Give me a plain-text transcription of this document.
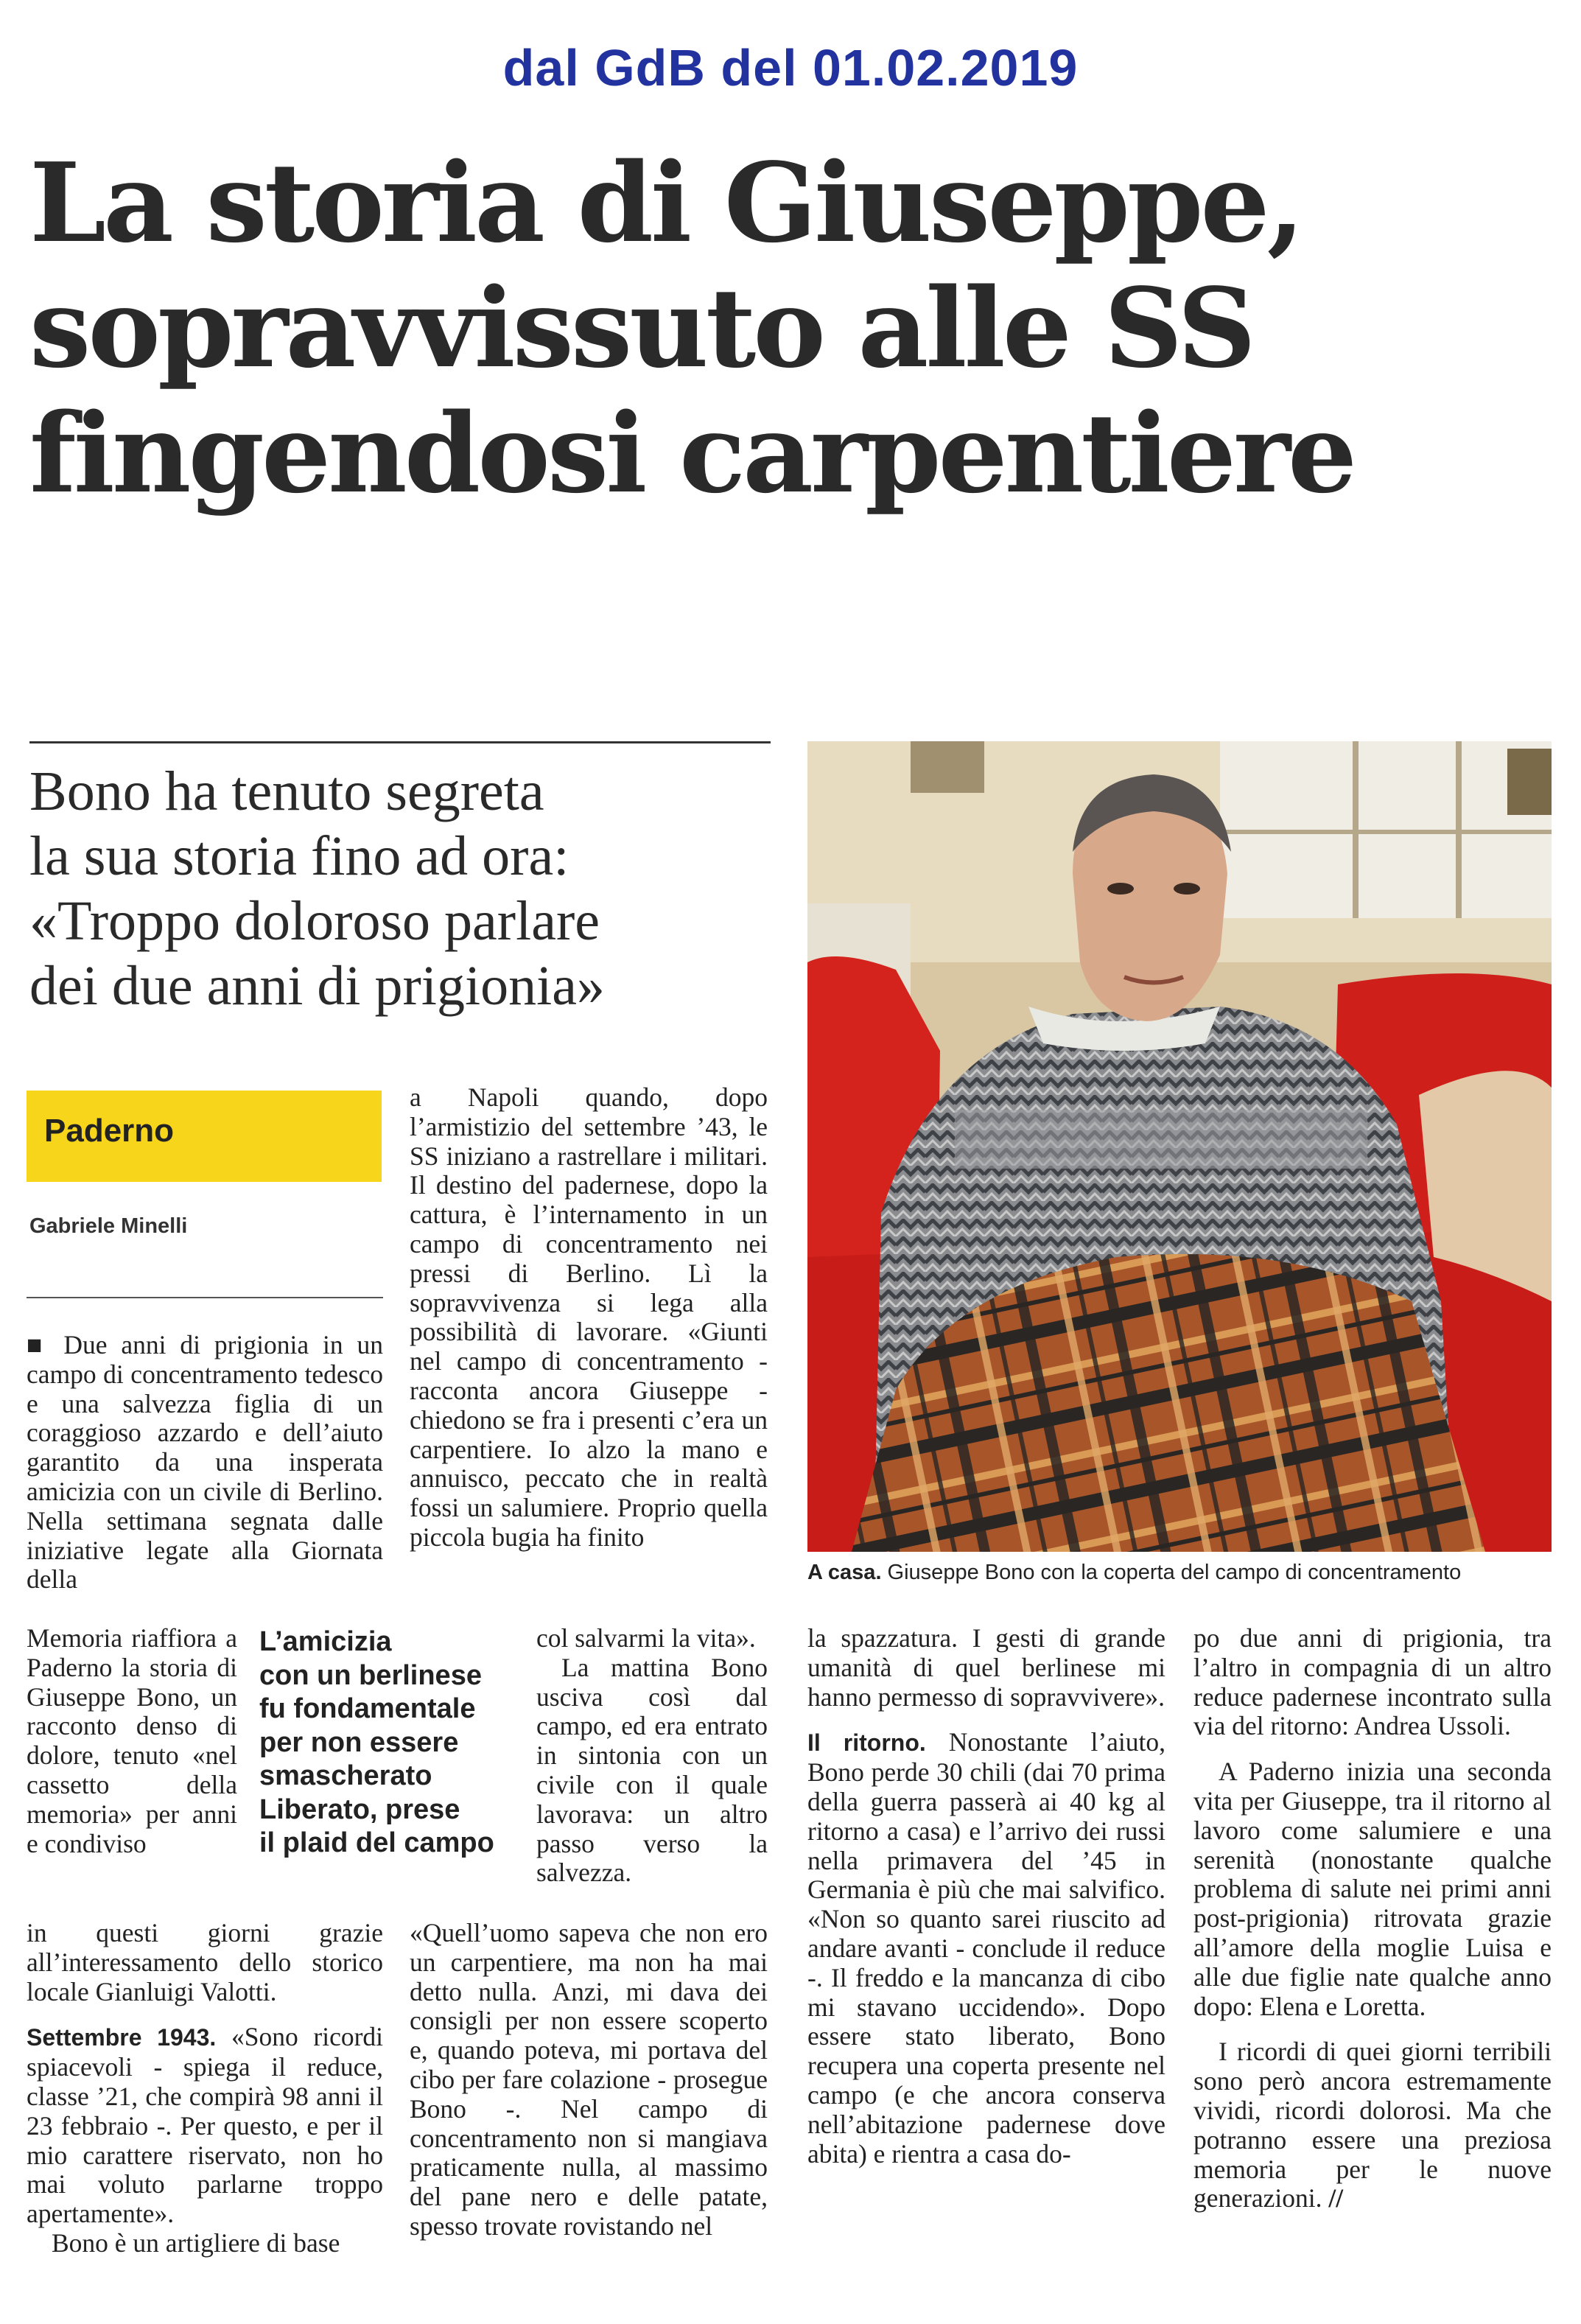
dal GdB del 01.02.2019
La storia di Giuseppe,
sopravvissuto alle SS
fingendosi carpentiere
Bono ha tenuto segreta
la sua storia fino ad ora:
«Troppo doloroso parlare
dei due anni di prigionia»
A casa. Giuseppe Bono con la coperta del campo di concentramento
Paderno
Gabriele Minelli

■ Due anni di prigionia in un campo di concentramento tedesco e una salvezza figlia di un coraggioso azzardo e dell’aiuto garantito da una insperata amicizia con un civile di Berlino. Nella settimana segnata dalle iniziative legate alla Giornata della

Memoria riaffiora a Paderno la storia di Giuseppe Bono, un racconto denso di dolore, tenuto «nel cassetto della memoria» per anni e condiviso

in questi giorni grazie all’interessamento dello storico locale Gianluigi Valotti.

Settembre 1943. «Sono ricordi spiacevoli - spiega il reduce, classe ’21, che compirà 98 anni il 23 febbraio -. Per questo, e per il mio carattere riservato, non ho mai voluto parlarne troppo apertamente».

Bono è un artigliere di base

a Napoli quando, dopo l’armistizio del settembre ’43, le SS iniziano a rastrellare i militari. Il destino del padernese, dopo la cattura, è l’internamento in un campo di concentramento nei pressi di Berlino. Lì la sopravvivenza si lega alla possibilità di lavorare. «Giunti nel campo di concentramento - racconta ancora Giuseppe - chiedono se fra i presenti c’era un carpentiere. Io alzo la mano e annuisco, peccato che in realtà fossi un salumiere. Proprio quella piccola bugia ha finito

col salvarmi la vita».

La mattina Bono usciva così dal campo, ed era entrato in sintonia con un civile con il quale lavorava: un altro passo verso la salvezza.

«Quell’uomo sapeva che non ero un carpentiere, ma non ha mai detto nulla. Anzi, mi dava dei consigli per non essere scoperto e, quando poteva, mi portava del cibo per fare colazione - prosegue Bono -. Nel campo di concentramento non si mangiava praticamente nulla, al massimo del pane nero e delle patate, spesso trovate rovistando nel

la spazzatura. I gesti di grande umanità di quel berlinese mi hanno permesso di sopravvivere».

Il ritorno. Nonostante l’aiuto, Bono perde 30 chili (dai 70 prima della guerra passerà ai 40 kg al ritorno a casa) e l’arrivo dei russi nella primavera del ’45 in Germania è più che mai salvifico. «Non so quanto sarei riuscito ad andare avanti - conclude il reduce -. Il freddo e la mancanza di cibo mi stavano uccidendo». Dopo essere stato liberato, Bono recupera una coperta presente nel campo (e che ancora conserva nell’abitazione padernese dove abita) e rientra a casa do-

po due anni di prigionia, tra l’altro in compagnia di un altro reduce padernese incontrato sulla via del ritorno: Andrea Ussoli.

A Paderno inizia una seconda vita per Giuseppe, tra il ritorno al lavoro come salumiere e una serenità (nonostante qualche problema di salute nei primi anni post-prigionia) ritrovata grazie all’amore della moglie Luisa e alle due figlie nate qualche anno dopo: Elena e Loretta.

I ricordi di quei giorni terribili sono però ancora estremamente vividi, ricordi dolorosi. Ma che potranno essere una preziosa memoria per le nuove generazioni. //

L’amicizia
con un berlinese
fu fondamentale
per non essere
smascherato
Liberato, prese
il plaid del campo
